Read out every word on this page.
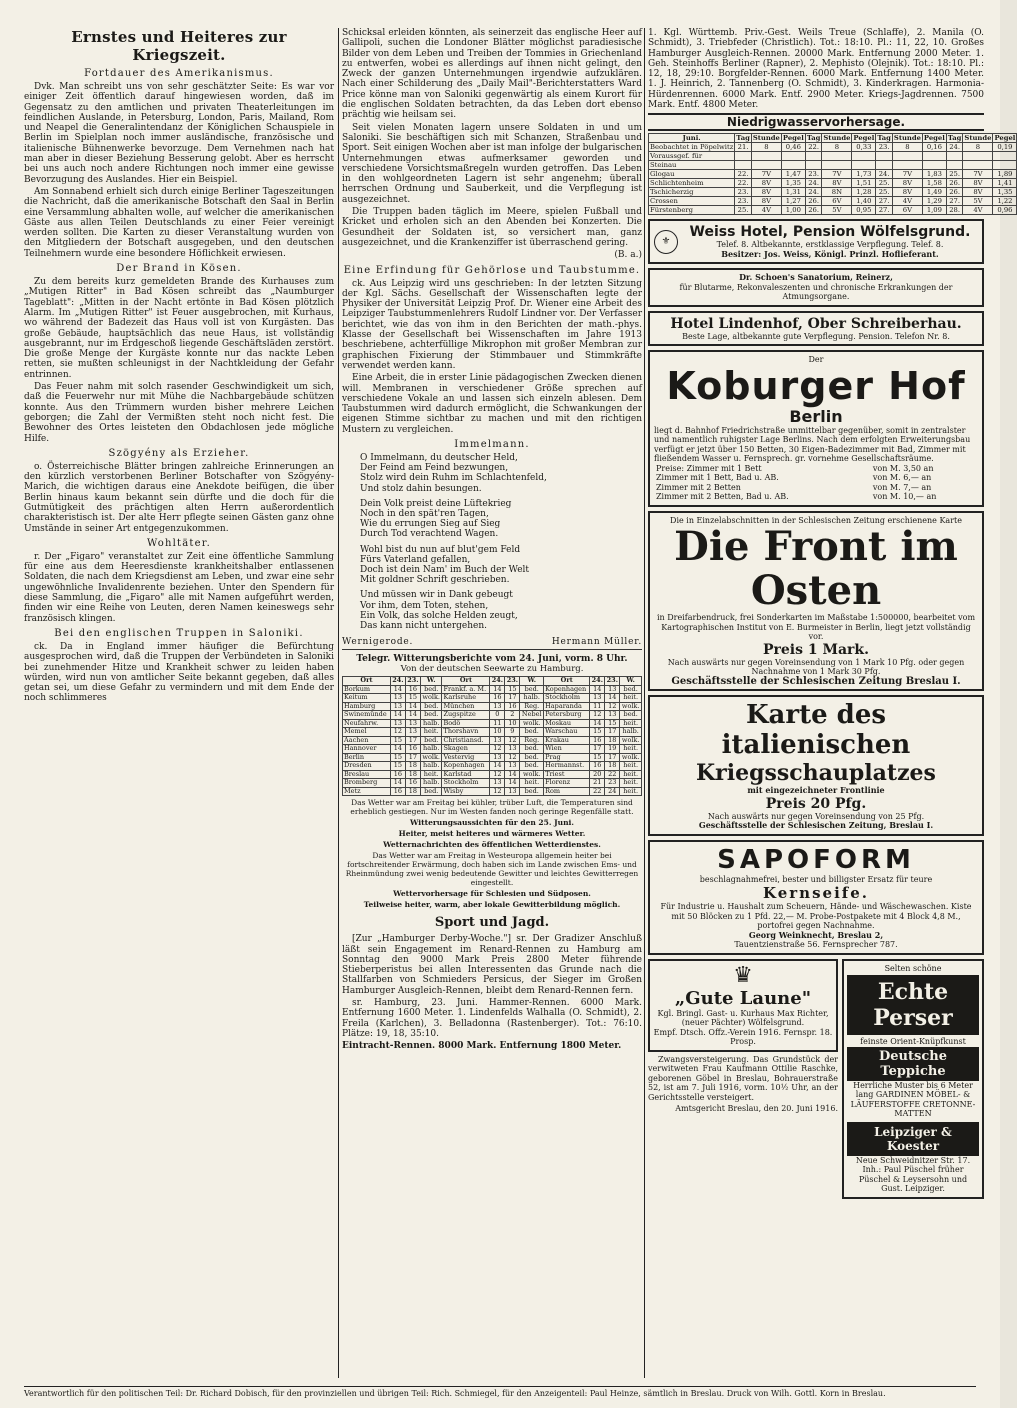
Ernstes und Heiteres zur Kriegszeit.
Fortdauer des Amerikanismus.

Dvk. Man schreibt uns von sehr geschätzter Seite: Es war vor einiger Zeit öffentlich darauf hingewiesen worden, daß im Gegensatz zu den amtlichen und privaten Theaterleitungen im feindlichen Auslande, in Petersburg, London, Paris, Mailand, Rom und Neapel die Generalintendanz der Königlichen Schauspiele in Berlin im Spielplan noch immer ausländische, französische und italienische Bühnenwerke bevorzuge. Dem Vernehmen nach hat man aber in dieser Beziehung Besserung gelobt. Aber es herrscht bei uns auch noch andere Richtungen noch immer eine gewisse Bevorzugung des Auslandes. Hier ein Beispiel.

Am Sonnabend erhielt sich durch einige Berliner Tageszeitungen die Nachricht, daß die amerikanische Botschaft den Saal in Berlin eine Versammlung abhalten wolle, auf welcher die amerikanischen Gäste aus allen Teilen Deutschlands zu einer Feier vereinigt werden sollten. Die Karten zu dieser Veranstaltung wurden von den Mitgliedern der Botschaft ausgegeben, und den deutschen Teilnehmern wurde eine besondere Höflichkeit erwiesen.

Der Brand in Kösen.

Zu dem bereits kurz gemeldeten Brande des Kurhauses zum „Mutigen Ritter" in Bad Kösen schreibt das „Naumburger Tageblatt": „Mitten in der Nacht ertönte in Bad Kösen plötzlich Alarm. Im „Mutigen Ritter" ist Feuer ausgebrochen, mit Kurhaus, wo während der Badezeit das Haus voll ist von Kurgästen. Das große Gebäude, hauptsächlich das neue Haus, ist vollständig ausgebrannt, nur im Erdgeschoß liegende Geschäftsläden zerstört. Die große Menge der Kurgäste konnte nur das nackte Leben retten, sie mußten schleunigst in der Nachtkleidung der Gefahr entrinnen.

Das Feuer nahm mit solch rasender Geschwindigkeit um sich, daß die Feuerwehr nur mit Mühe die Nachbargebäude schützen konnte. Aus den Trümmern wurden bisher mehrere Leichen geborgen; die Zahl der Vermißten steht noch nicht fest. Die Bewohner des Ortes leisteten den Obdachlosen jede mögliche Hilfe.

Szögyény als Erzieher.

o. Österreichische Blätter bringen zahlreiche Erinnerungen an den kürzlich verstorbenen Berliner Botschafter von Szögyény-Marich, die wichtigen daraus eine Anekdote beifügen, die über Berlin hinaus kaum bekannt sein dürfte und die doch für die Gutmütigkeit des prächtigen alten Herrn außerordentlich charakteristisch ist. Der alte Herr pflegte seinen Gästen ganz ohne Umstände in seiner Art entgegenzukommen.

Wohltäter.

r. Der „Figaro" veranstaltet zur Zeit eine öffentliche Sammlung für eine aus dem Heeresdienste krankheitshalber entlassenen Soldaten, die nach dem Kriegsdienst am Leben, und zwar eine sehr ungewöhnliche Invalidenrente beziehen. Unter den Spendern für diese Sammlung, die „Figaro" alle mit Namen aufgeführt werden, finden wir eine Reihe von Leuten, deren Namen keineswegs sehr französisch klingen.

Bei den englischen Truppen in Saloniki.

ck. Da in England immer häufiger die Befürchtung ausgesprochen wird, daß die Truppen der Verbündeten in Saloniki bei zunehmender Hitze und Krankheit schwer zu leiden haben würden, wird nun von amtlicher Seite bekannt gegeben, daß alles getan sei, um diese Gefahr zu vermindern und mit dem Ende der noch schlimmeres

Schicksal erleiden könnten, als seinerzeit das englische Heer auf Gallipoli, suchen die Londoner Blätter möglichst paradiesische Bilder von dem Leben und Treiben der Tommies in Griechenland zu entwerfen, wobei es allerdings auf ihnen nicht gelingt, den Zweck der ganzen Unternehmungen irgendwie aufzuklären. Nach einer Schilderung des „Daily Mail"-Berichterstatters Ward Price könne man von Saloniki gegenwärtig als einem Kurort für die englischen Soldaten betrachten, da das Leben dort ebenso prächtig wie heilsam sei.

Seit vielen Monaten lagern unsere Soldaten in und um Saloniki. Sie beschäftigen sich mit Schanzen, Straßenbau und Sport. Seit einigen Wochen aber ist man infolge der bulgarischen Unternehmungen etwas aufmerksamer geworden und verschiedene Vorsichtsmaßregeln wurden getroffen. Das Leben in den wohlgeordneten Lagern ist sehr angenehm; überall herrschen Ordnung und Sauberkeit, und die Verpflegung ist ausgezeichnet.

Die Truppen baden täglich im Meere, spielen Fußball und Kricket und erholen sich an den Abenden bei Konzerten. Die Gesundheit der Soldaten ist, so versichert man, ganz ausgezeichnet, und die Krankenziffer ist überraschend gering.

(B. a.)

Eine Erfindung für Gehörlose und Taubstumme.

ck. Aus Leipzig wird uns geschrieben: In der letzten Sitzung der Kgl. Sächs. Gesellschaft der Wissenschaften legte der Physiker der Universität Leipzig Prof. Dr. Wiener eine Arbeit des Leipziger Taubstummenlehrers Rudolf Lindner vor. Der Verfasser berichtet, wie das von ihm in den Berichten der math.-phys. Klasse der Gesellschaft bei Wissenschaften im Jahre 1913 beschriebene, achterfüllige Mikrophon mit großer Membran zur graphischen Fixierung der Stimmbauer und Stimmkräfte verwendet werden kann.

Eine Arbeit, die in erster Linie pädagogischen Zwecken dienen will. Membranen in verschiedener Größe sprechen auf verschiedene Vokale an und lassen sich einzeln ablesen. Dem Taubstummen wird dadurch ermöglicht, die Schwankungen der eigenen Stimme sichtbar zu machen und mit den richtigen Mustern zu vergleichen.

Immelmann.
O Immelmann, du deutscher Held,
Der Feind am Feind bezwungen,
Stolz wird dein Ruhm im Schlachtenfeld,
Und stolz dahin besungen.
Dein Volk preist deine Lüftekrieg
Noch in den spät'ren Tagen,
Wie du errungen Sieg auf Sieg
Durch Tod verachtend Wagen.
Wohl bist du nun auf blut'gem Feld
Fürs Vaterland gefallen,
Doch ist dein Nam' im Buch der Welt
Mit goldner Schrift geschrieben.
Und müssen wir in Dank gebeugt
Vor ihm, dem Toten, stehen,
Ein Volk, das solche Helden zeugt,
Das kann nicht untergehen.
Wernigerode.	Hermann Müller.
Telegr. Witterungsberichte vom 24. Juni, vorm. 8 Uhr.
Von der deutschen Seewarte zu Hamburg.
Ort	24.	23.	W.	Ort	24.	23.	W.	Ort	24.	23.	W.
Borkum	14	16	bed.	Frankf. a. M.	14	15	bed.	Kopenhagen	14	13	bed.
Keitum	13	15	wolk.	Karlsruhe	16	17	halb.	Stockholm	13	14	heit.
Hamburg	13	14	bed.	München	13	16	Reg.	Haparanda	11	12	wolk.
Swinemünde	14	14	bed.	Zugspitze	0	2	Nebel	Petersburg	12	13	bed.
Neufahrw.	13	13	halb.	Bodö	11	10	wolk.	Moskau	14	15	heit.
Memel	12	13	heit.	Thorshavn	10	9	bed.	Warschau	15	17	halb.
Aachen	15	17	bed.	Christiansd.	13	12	Reg.	Krakau	16	18	wolk.
Hannover	14	16	halb.	Skagen	12	13	bed.	Wien	17	19	heit.
Berlin	15	17	wolk.	Vestervig	13	12	bed.	Prag	15	17	wolk.
Dresden	15	18	halb.	Kopenhagen	14	13	bed.	Hermannst.	16	18	heit.
Breslau	16	18	heit.	Karlstad	12	14	wolk.	Triest	20	22	heit.
Bromberg	14	16	halb.	Stockholm	13	14	heit.	Florenz	21	23	heit.
Metz	16	18	bed.	Wisby	12	13	bed.	Rom	22	24	heit.
Das Wetter war am Freitag bei kühler, trüber Luft, die Temperaturen sind erheblich gestiegen. Nur im Westen fanden noch geringe Regenfälle statt.
Witterungsaussichten für den 25. Juni.
Heiter, meist heiteres und wärmeres Wetter.
Wetternachrichten des öffentlichen Wetterdienstes.
Das Wetter war am Freitag in Westeuropa allgemein heiter bei fortschreitender Erwärmung, doch haben sich im Lande zwischen Ems- und Rheinmündung zwei wenig bedeutende Gewitter und leichtes Gewitterregen eingestellt.
Wettervorhersage für Schlesien und Südposen.
Teilweise heiter, warm, aber lokale Gewitterbildung möglich.
Sport und Jagd.

[Zur „Hamburger Derby-Woche."] sr. Der Gradizer Anschluß läßt sein Engagement im Renard-Rennen zu Hamburg am Sonntag den 9000 Mark Preis 2800 Meter führende Stieberperistus bei allen Interessenten das Grunde nach die Stallfarben von Schmieders Persicus, der Sieger im Großen Hamburger Ausgleich-Rennen, bleibt dem Renard-Rennen fern.

sr. Hamburg, 23. Juni. Hammer-Rennen. 6000 Mark. Entfernung 1600 Meter. 1. Lindenfelds Walhalla (O. Schmidt), 2. Freila (Karlchen), 3. Belladonna (Rastenberger). Tot.: 76:10. Plätze: 19, 18, 35:10.

Eintracht-Rennen. 8000 Mark. Entfernung 1800 Meter.

1. Kgl. Württemb. Priv.-Gest. Weils Treue (Schlaffe), 2. Manila (O. Schmidt), 3. Triebfeder (Christlich). Tot.: 18:10. Pl.: 11, 22, 10. Großes Hamburger Ausgleich-Rennen. 20000 Mark. Entfernung 2000 Meter. 1. Geh. Steinhoffs Berliner (Rapner), 2. Mephisto (Olejnik). Tot.: 18:10. Pl.: 12, 18, 29:10. Borgfelder-Rennen. 6000 Mark. Entfernung 1400 Meter. 1. J. Heinrich, 2. Tannenberg (O. Schmidt), 3. Kinderkragen. Harmonia-Hürdenrennen. 6000 Mark. Entf. 2900 Meter. Kriegs-Jagdrennen. 7500 Mark. Entf. 4800 Meter.

Niedrigwasservorhersage.
Juni.	Tag	Stunde	Pegel	Tag	Stunde	Pegel	Tag	Stunde	Pegel	Tag	Stunde	Pegel
Beobachtet in Pöpelwitz	21.	8	0,46	22.	8	0,33	23.	8	0,16	24.	8	0,19
Voraussgef. für												
Steinau												
Glogau	22.	7V	1,47	23.	7V	1,73	24.	7V	1,83	25.	7V	1,89
Schlichtenheim	22.	8V	1,35	24.	8V	1,51	25.	8V	1,58	26.	8V	1,41
Tschicherzig	23.	8V	1,31	24.	8N	1,28	25.	8V	1,49	26.	8V	1,35
Crossen	23.	8V	1,27	26.	6V	1,40	27.	4V	1,29	27.	5V	1,22
Fürstenberg	25.	4V	1,00	26.	5V	0,95	27.	6V	1,09	28.	4V	0,96
⚜
Weiss Hotel, Pension Wölfelsgrund.
Telef. 8. Altbekannte, erstklassige Verpflegung. Telef. 8.
Besitzer: Jos. Weiss, Königl. Prinzl. Hoflieferant.
Dr. Schoen's Sanatorium, Reinerz,
für Blutarme, Rekonvaleszenten und chronische Erkrankungen der Atmungsorgane.
Hotel Lindenhof, Ober Schreiberhau.
Beste Lage, altbekannte gute Verpflegung. Pension. Telefon Nr. 8.
Der
Koburger Hof
Berlin
liegt d. Bahnhof Friedrichstraße unmittelbar gegenüber, somit in zentralster und namentlich ruhigster Lage Berlins. Nach dem erfolgten Erweiterungsbau verfügt er jetzt über 150 Betten, 30 Eigen-Badezimmer mit Bad, Zimmer mit fließendem Wasser u. Fernsprech. gr. vornehme Gesellschaftsräume.
Preise: Zimmer mit 1 Bett	von M. 3,50 an
Zimmer mit 1 Bett, Bad u. AB.	von M. 6,— an
Zimmer mit 2 Betten	von M. 7,— an
Zimmer mit 2 Betten, Bad u. AB.	von M. 10,— an
Die in Einzelabschnitten in der Schlesischen Zeitung erschienene Karte
Die Front im Osten
in Dreifarbendruck, frei Sonderkarten im Maßstabe 1:500000, bearbeitet vom Kartographischen Institut von E. Burmeister in Berlin, liegt jetzt vollständig vor.
Preis 1 Mark.
Nach auswärts nur gegen Voreinsendung von 1 Mark 10 Pfg. oder gegen Nachnahme von 1 Mark 30 Pfg.
Geschäftsstelle der Schlesischen Zeitung Breslau I.
Karte des italienischen
Kriegsschauplatzes
mit eingezeichneter Frontlinie
Preis 20 Pfg.
Nach auswärts nur gegen Voreinsendung von 25 Pfg.
Geschäftsstelle der Schlesischen Zeitung, Breslau I.
SAPOFORM
beschlagnahmefrei, bester und billigster Ersatz für teure
Kernseife.
Für Industrie u. Haushalt zum Scheuern, Hände- und Wäschewaschen. Kiste mit 50 Blöcken zu 1 Pfd. 22,— M. Probe-Postpakete mit 4 Block 4,8 M., portofrei gegen Nachnahme.
Georg Weinknecht, Breslau 2,
Tauentzienstraße 56. Fernsprecher 787.
♛
„Gute Laune"
Kgl. Bringl. Gast- u. Kurhaus Max Richter, (neuer Pächter) Wölfelsgrund.
Empf. Dtsch. Offz.-Verein 1916. Fernspr. 18. Prosp.

Zwangsversteigerung. Das Grundstück der verwitweten Frau Kaufmann Ottilie Raschke, geborenen Göbel in Breslau, Bohrauerstraße 52, ist am 7. Juli 1916, vorm. 10½ Uhr, an der Gerichtsstelle versteigert.

Amtsgericht Breslau, den 20. Juni 1916.

Selten schöne
Echte Perser
feinste Orient-Knüpfkunst
Deutsche Teppiche
Herrliche Muster bis 6 Meter lang GARDINEN MÖBEL- & LÄUFERSTOFFE CRETONNE-MATTEN
Leipziger & Koester
Neue Schweidnitzer Str. 17. Inh.: Paul Püschel früher Püschel & Leysersohn und Gust. Leipziger.
Verantwortlich für den politischen Teil: Dr. Richard Dobisch, für den provinziellen und übrigen Teil: Rich. Schmiegel, für den Anzeigenteil: Paul Heinze, sämtlich in Breslau. Druck von Wilh. Gottl. Korn in Breslau.
